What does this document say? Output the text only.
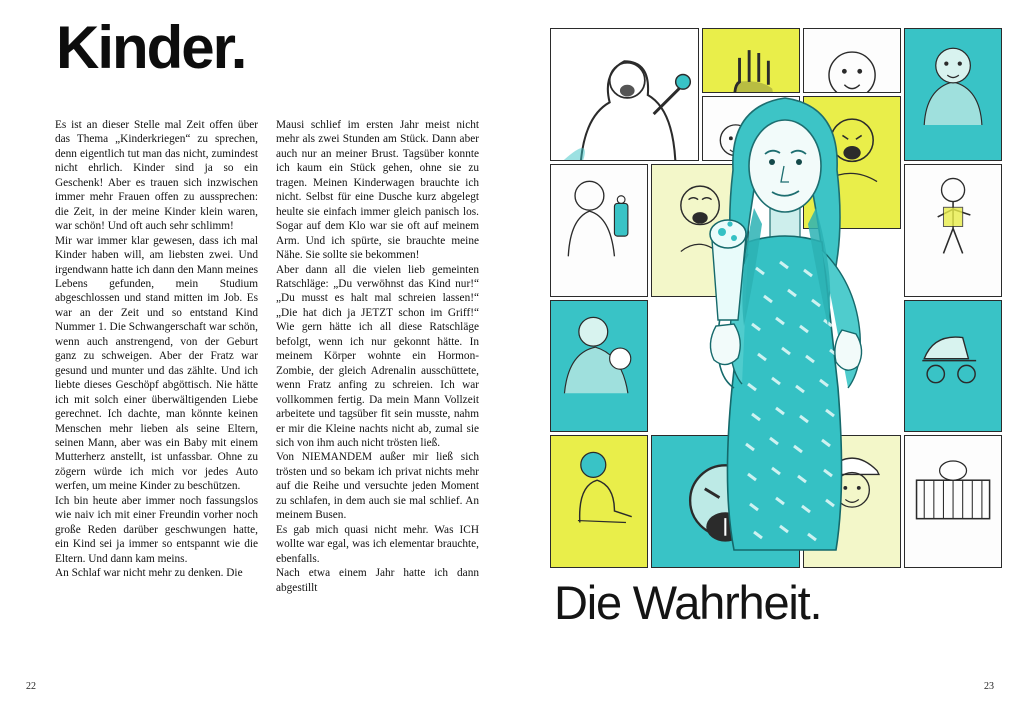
Kinder.

Es ist an dieser Stelle mal Zeit offen über das Thema „Kinderkriegen“ zu sprechen, denn eigentlich tut man das nicht, zumindest nicht ehrlich. Kinder sind ja so ein Geschenk! Aber es trauen sich inzwischen immer mehr Frauen offen zu aussprechen: die Zeit, in der meine Kinder klein waren, war schön! Und oft auch sehr schlimm!

Mir war immer klar gewesen, dass ich mal Kinder haben will, am liebsten zwei. Und irgendwann hatte ich dann den Mann meines Lebens gefunden, mein Studium abgeschlossen und stand mitten im Job. Es war an der Zeit und so entstand Kind Nummer 1. Die Schwangerschaft war schön, wenn auch anstrengend, von der Geburt ganz zu schweigen. Aber der Fratz war gesund und munter und das zählte. Und ich liebte dieses Geschöpf abgöttisch. Nie hätte ich mit solch einer überwältigenden Liebe gerechnet. Ich dachte, man könnte keinen Menschen mehr lieben als seine Eltern, seinen Mann, aber was ein Baby mit einem Mutterherz anstellt, ist unfassbar. Ohne zu zögern würde ich mich vor jedes Auto werfen, um meine Kinder zu beschützen.

Ich bin heute aber immer noch fassungslos wie naiv ich mit einer Freundin vorher noch große Reden darüber geschwungen hatte, ein Kind sei ja immer so entspannt wie die Eltern. Und dann kam meins.

An Schlaf war nicht mehr zu denken. Die

Mausi schlief im ersten Jahr meist nicht mehr als zwei Stunden am Stück. Dann aber auch nur an meiner Brust. Tagsüber konnte ich kaum ein Stück gehen, ohne sie zu tragen. Meinen Kinderwagen brauchte ich nicht. Selbst für eine Dusche kurz abgelegt heulte sie einfach immer gleich panisch los. Sogar auf dem Klo war sie oft auf meinem Arm. Und ich spürte, sie brauchte meine Nähe. Sie sollte sie bekommen!

Aber dann all die vielen lieb gemeinten Ratschläge: „Du verwöhnst das Kind nur!“ „Du musst es halt mal schreien lassen!“ „Die hat dich ja JETZT schon im Griff!“ Wie gern hätte ich all diese Ratschläge befolgt, wenn ich nur gekonnt hätte. In meinem Körper wohnte ein Hormon-Zombie, der gleich Adrenalin ausschüttete, wenn Fratz anfing zu schreien. Ich war vollkommen fertig. Da mein Mann Vollzeit arbeitete und tagsüber fit sein musste, nahm er mir die Kleine nachts nicht ab, zumal sie sich von ihm auch nicht trösten ließ.

Von NIEMANDEM außer mir ließ sich trösten und so bekam ich privat nichts mehr auf die Reihe und versuchte jeden Moment zu schlafen, in dem auch sie mal schlief. An meinem Busen.

Es gab mich quasi nicht mehr. Was ICH wollte war egal, was ich elementar brauchte, ebenfalls.

Nach etwa einem Jahr hatte ich dann abgestillt

22
Die Wahrheit.
23
